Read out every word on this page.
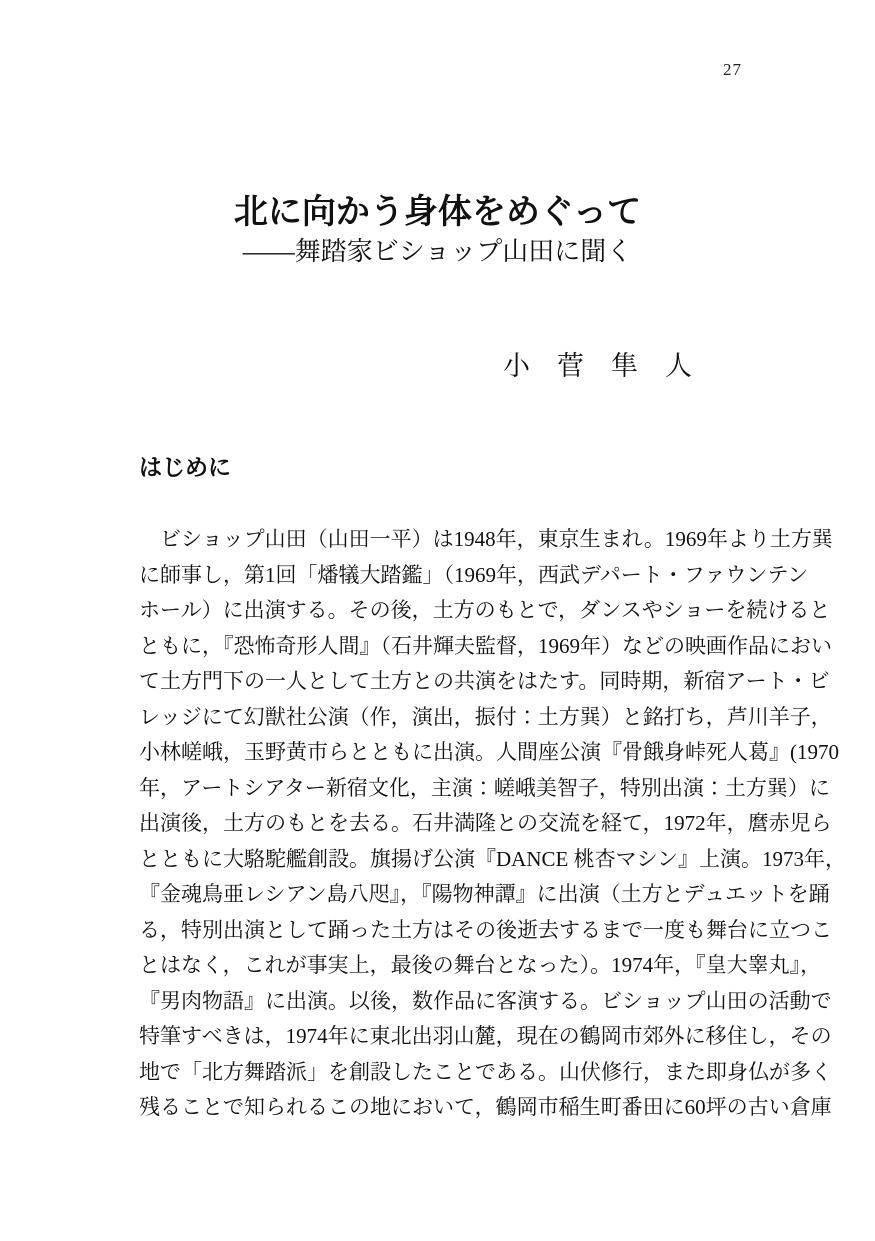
27
北に向かう身体をめぐって
――舞踏家ビショップ山田に聞く
小　菅　隼　人
はじめに
　ビショップ山田（山田一平）は1948年，東京生まれ。1969年より土方巽
に師事し，第1回「燔犠大踏鑑」（1969年，西武デパート・ファウンテン
ホール）に出演する。その後，土方のもとで，ダンスやショーを続けると
ともに，『恐怖奇形人間』（石井輝夫監督，1969年）などの映画作品におい
て土方門下の一人として土方との共演をはたす。同時期，新宿アート・ビ
レッジにて幻獣社公演（作，演出，振付：土方巽）と銘打ち，芦川羊子，
小林嵯峨，玉野黄市らとともに出演。人間座公演『骨餓身峠死人葛』(1970
年，アートシアター新宿文化，主演：嵯峨美智子，特別出演：土方巽）に
出演後，土方のもとを去る。石井満隆との交流を経て，1972年，麿赤児ら
とともに大駱駝艦創設。旗揚げ公演『DANCE 桃杏マシン』上演。1973年，
『金魂鳥亜レシアン島八咫』，『陽物神譚』に出演（土方とデュエットを踊
る，特別出演として踊った土方はその後逝去するまで一度も舞台に立つこ
とはなく，これが事実上，最後の舞台となった）。1974年，『皇大睾丸』，
『男肉物語』に出演。以後，数作品に客演する。ビショップ山田の活動で
特筆すべきは，1974年に東北出羽山麓，現在の鶴岡市郊外に移住し，その
地で「北方舞踏派」を創設したことである。山伏修行，また即身仏が多く
残ることで知られるこの地において，鶴岡市稲生町番田に60坪の古い倉庫
